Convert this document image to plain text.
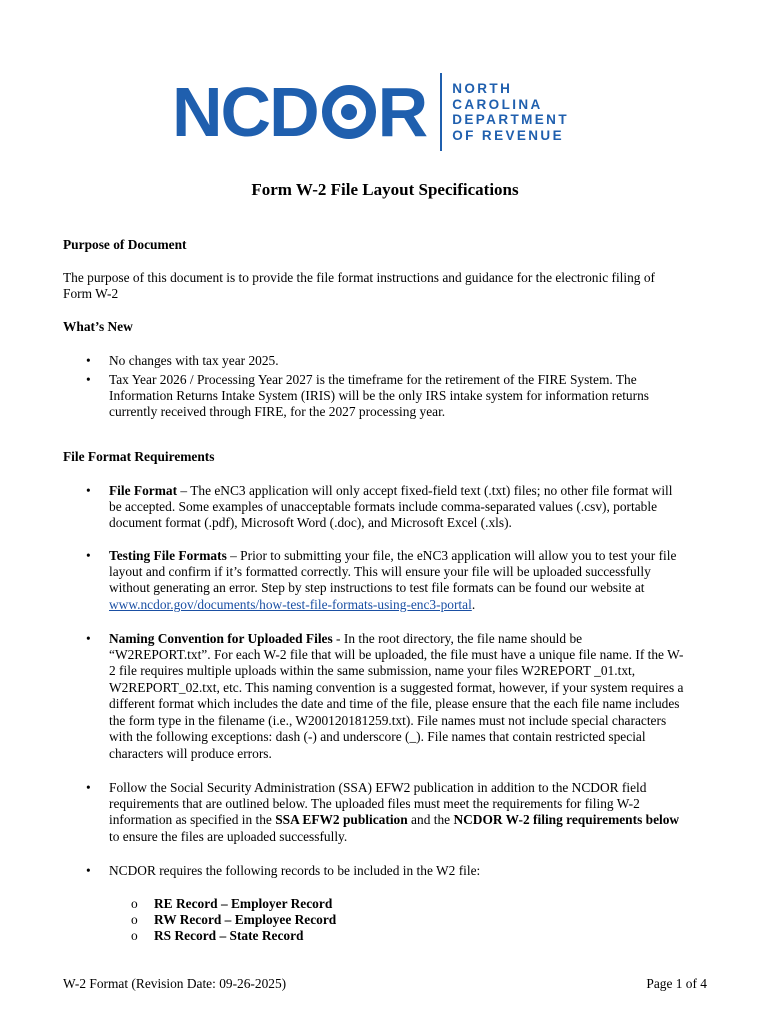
NCD R NORTH
CAROLINA
DEPARTMENT
OF REVENUE
Form W-2 File Layout Specifications
Purpose of Document
The purpose of this document is to provide the file format instructions and guidance for the electronic filing of
Form W-2
What’s New
• No changes with tax year 2025.
• Tax Year 2026 / Processing Year 2027 is the timeframe for the retirement of the FIRE System. The
Information Returns Intake System (IRIS) will be the only IRS intake system for information returns
currently received through FIRE, for the 2027 processing year.
File Format Requirements
• File Format – The eNC3 application will only accept fixed-field text (.txt) files; no other file format will
be accepted. Some examples of unacceptable formats include comma-separated values (.csv), portable
document format (.pdf), Microsoft Word (.doc), and Microsoft Excel (.xls).
• Testing File Formats – Prior to submitting your file, the eNC3 application will allow you to test your file
layout and confirm if it’s formatted correctly. This will ensure your file will be uploaded successfully
without generating an error. Step by step instructions to test file formats can be found our website at
www.ncdor.gov/documents/how-test-file-formats-using-enc3-portal.
• Naming Convention for Uploaded Files - In the root directory, the file name should be
“W2REPORT.txt”. For each W-2 file that will be uploaded, the file must have a unique file name. If the W-
2 file requires multiple uploads within the same submission, name your files W2REPORT _01.txt,
W2REPORT_02.txt, etc. This naming convention is a suggested format, however, if your system requires a
different format which includes the date and time of the file, please ensure that the each file name includes
the form type in the filename (i.e., W200120181259.txt). File names must not include special characters
with the following exceptions: dash (-) and underscore (_). File names that contain restricted special
characters will produce errors.
• Follow the Social Security Administration (SSA) EFW2 publication in addition to the NCDOR field
requirements that are outlined below. The uploaded files must meet the requirements for filing W-2
information as specified in the SSA EFW2 publication and the NCDOR W-2 filing requirements below
to ensure the files are uploaded successfully.
• NCDOR requires the following records to be included in the W2 file:
o RE Record – Employer Record
o RW Record – Employee Record
o RS Record – State Record
W-2 Format (Revision Date: 09-26-2025)	Page 1 of 4
